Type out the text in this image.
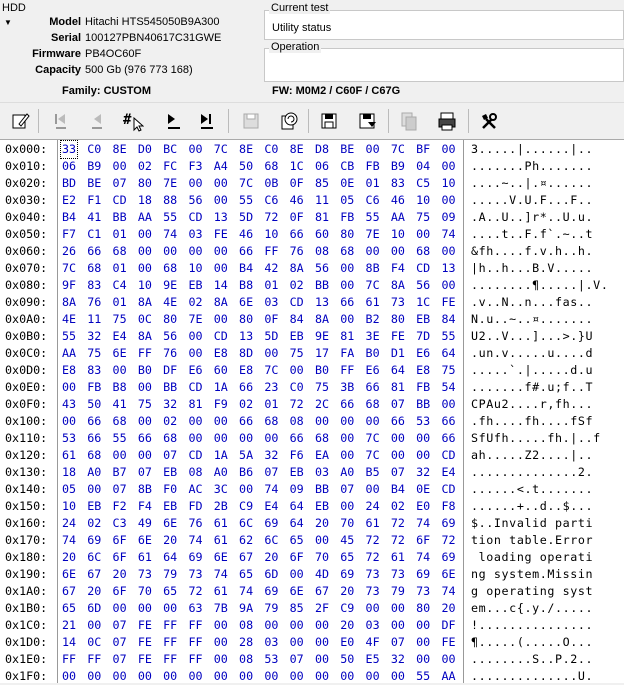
HDD
▼	Model Hitachi HTS545050B9A300
Serial 100127PBN40617C31GWE
Firmware PB4OC60F
Capacity 500 Gb (976 773 168)
Current test
Utility status
Operation
Family: CUSTOM	FW: M0M2 / C60F / C67G
#
0x000: 33 C0 8E D0 BC 00 7C 8E C0 8E D8 BE 00 7C BF 00 3.....|......|..
0x010: 06 B9 00 02 FC F3 A4 50 68 1C 06 CB FB B9 04 00 .......Ph.......
0x020: BD BE 07 80 7E 00 00 7C 0B 0F 85 0E 01 83 C5 10 ....~..|.¤......
0x030: E2 F1 CD 18 88 56 00 55 C6 46 11 05 C6 46 10 00 .....V.U.F...F..
0x040: B4 41 BB AA 55 CD 13 5D 72 0F 81 FB 55 AA 75 09 .A..U..]r*..U.u.
0x050: F7 C1 01 00 74 03 FE 46 10 66 60 80 7E 10 00 74 ....t..F.f`.~..t
0x060: 26 66 68 00 00 00 00 66 FF 76 08 68 00 00 68 00 &fh....f.v.h..h.
0x070: 7C 68 01 00 68 10 00 B4 42 8A 56 00 8B F4 CD 13 |h..h...B.V.....
0x080: 9F 83 C4 10 9E EB 14 B8 01 02 BB 00 7C 8A 56 00 ........¶.....|.V.
0x090: 8A 76 01 8A 4E 02 8A 6E 03 CD 13 66 61 73 1C FE .v..N..n...fas..
0x0A0: 4E 11 75 0C 80 7E 00 80 0F 84 8A 00 B2 80 EB 84 N.u..~..¤.......
0x0B0: 55 32 E4 8A 56 00 CD 13 5D EB 9E 81 3E FE 7D 55 U2..V...]...>.}U
0x0C0: AA 75 6E FF 76 00 E8 8D 00 75 17 FA B0 D1 E6 64 .un.v.....u....d
0x0D0: E8 83 00 B0 DF E6 60 E8 7C 00 B0 FF E6 64 E8 75 .....`.|.....d.u
0x0E0: 00 FB B8 00 BB CD 1A 66 23 C0 75 3B 66 81 FB 54 .......f#.u;f..T
0x0F0: 43 50 41 75 32 81 F9 02 01 72 2C 66 68 07 BB 00 CPAu2....r,fh...
0x100: 00 66 68 00 02 00 00 66 68 08 00 00 00 66 53 66 .fh....fh....fSf
0x110: 53 66 55 66 68 00 00 00 00 66 68 00 7C 00 00 66 SfUfh.....fh.|..f
0x120: 61 68 00 00 07 CD 1A 5A 32 F6 EA 00 7C 00 00 CD ah.....Z2....|..
0x130: 18 A0 B7 07 EB 08 A0 B6 07 EB 03 A0 B5 07 32 E4 ..............2.
0x140: 05 00 07 8B F0 AC 3C 00 74 09 BB 07 00 B4 0E CD ......<.t.......
0x150: 10 EB F2 F4 EB FD 2B C9 E4 64 EB 00 24 02 E0 F8 ......+..d..$...
0x160: 24 02 C3 49 6E 76 61 6C 69 64 20 70 61 72 74 69 $..Invalid parti
0x170: 74 69 6F 6E 20 74 61 62 6C 65 00 45 72 72 6F 72 tion table.Error
0x180: 20 6C 6F 61 64 69 6E 67 20 6F 70 65 72 61 74 69 loading operati
0x190: 6E 67 20 73 79 73 74 65 6D 00 4D 69 73 73 69 6E ng system.Missin
0x1A0: 67 20 6F 70 65 72 61 74 69 6E 67 20 73 79 73 74 g operating syst
0x1B0: 65 6D 00 00 00 63 7B 9A 79 85 2F C9 00 00 80 20 em...c{.y./.....
0x1C0: 21 00 07 FE FF FF 00 08 00 00 00 20 03 00 00 DF !...............
0x1D0: 14 0C 07 FE FF FF 00 28 03 00 00 E0 4F 07 00 FE ¶.....(.....O...
0x1E0: FF FF 07 FE FF FF 00 08 53 07 00 50 E5 32 00 00 ........S..P.2..
0x1F0: 00 00 00 00 00 00 00 00 00 00 00 00 00 00 55 AA ..............U.
